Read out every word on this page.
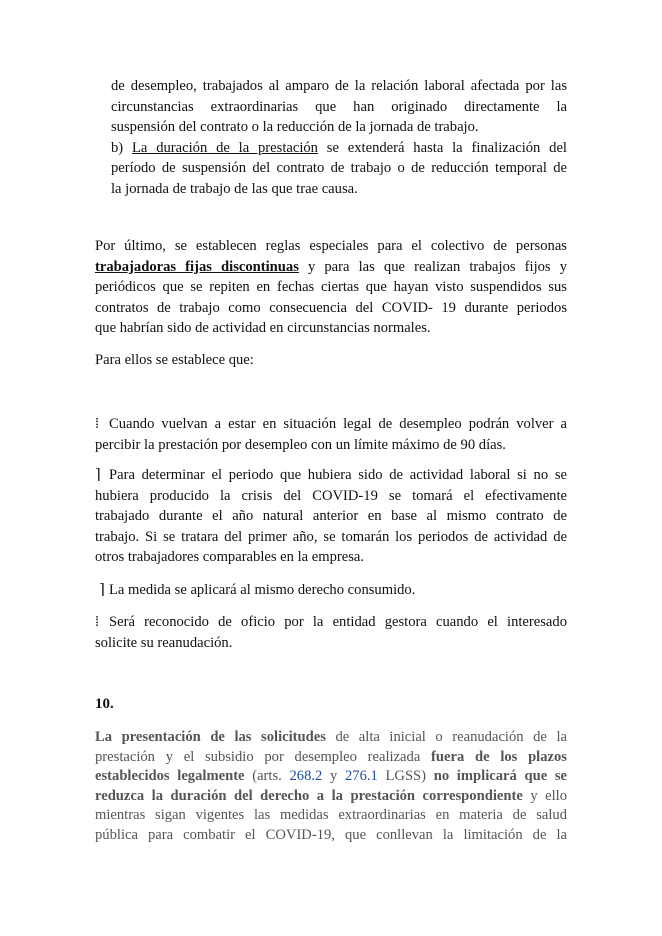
de desempleo, trabajados al amparo de la relación laboral afectada por las
circunstancias extraordinarias que han originado directamente la
suspensión del contrato o la reducción de la jornada de trabajo.
b) La duración de la prestación se extenderá hasta la finalización del
período de suspensión del contrato de trabajo o de reducción temporal de
la jornada de trabajo de las que trae causa.
Por último, se establecen reglas especiales para el colectivo de personas
trabajadoras fijas discontinuas y para las que realizan trabajos fijos y
periódicos que se repiten en fechas ciertas que hayan visto suspendidos sus
contratos de trabajo como consecuencia del COVID- 19 durante periodos
que habrían sido de actividad en circunstancias normales.
Para ellos se establece que:
⁞ Cuando vuelvan a estar en situación legal de desempleo podrán volver a
percibir la prestación por desempleo con un límite máximo de 90 días.
⌉ Para determinar el periodo que hubiera sido de actividad laboral si no se
hubiera producido la crisis del COVID-19 se tomará el efectivamente
trabajado durante el año natural anterior en base al mismo contrato de
trabajo. Si se tratara del primer año, se tomarán los periodos de actividad de
otros trabajadores comparables en la empresa.
⌉ La medida se aplicará al mismo derecho consumido.
⁞ Será reconocido de oficio por la entidad gestora cuando el interesado
solicite su reanudación.
10.
La presentación de las solicitudes de alta inicial o reanudación de la
prestación y el subsidio por desempleo realizada fuera de los plazos
establecidos legalmente (arts. 268.2 y 276.1 LGSS) no implicará que se
reduzca la duración del derecho a la prestación correspondiente y ello
mientras sigan vigentes las medidas extraordinarias en materia de salud
pública para combatir el COVID-19, que conllevan la limitación de la
